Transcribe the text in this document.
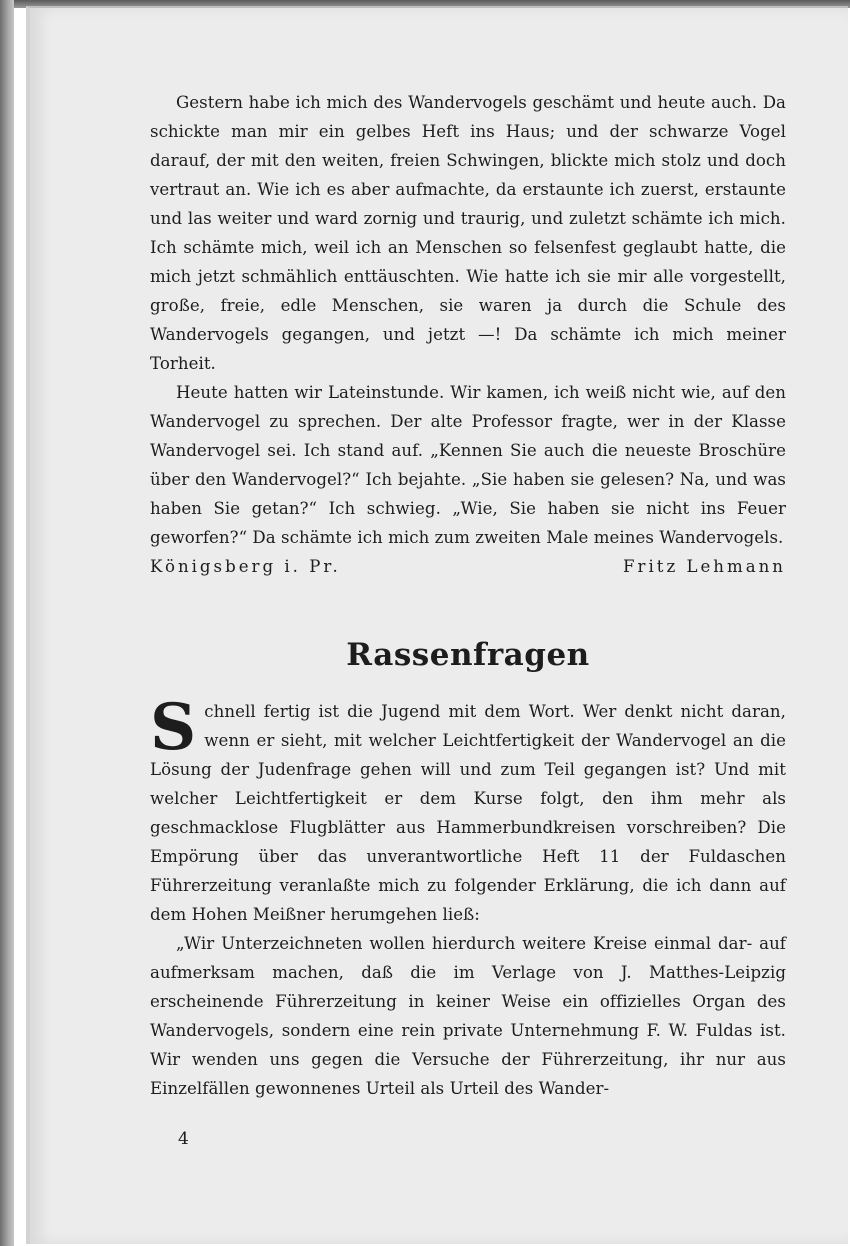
Gestern habe ich mich des Wandervogels geschämt und heute auch. Da schickte man mir ein gelbes Heft ins Haus; und der schwarze Vogel darauf, der mit den weiten, freien Schwingen, blickte mich stolz und doch vertraut an. Wie ich es aber aufmachte, da erstaunte ich zuerst, erstaunte und las weiter und ward zornig und traurig, und zuletzt schämte ich mich. Ich schämte mich, weil ich an Menschen so felsenfest geglaubt hatte, die mich jetzt schmählich enttäuschten. Wie hatte ich sie mir alle vorgestellt, große, freie, edle Menschen, sie waren ja durch die Schule des Wandervogels gegangen, und jetzt —! Da schämte ich mich meiner Torheit.

Heute hatten wir Lateinstunde. Wir kamen, ich weiß nicht wie, auf den Wandervogel zu sprechen. Der alte Professor fragte, wer in der Klasse Wandervogel sei. Ich stand auf. „Kennen Sie auch die neueste Broschüre über den Wandervogel?“ Ich bejahte. „Sie haben sie gelesen? Na, und was haben Sie getan?“ Ich schwieg. „Wie, Sie haben sie nicht ins Feuer geworfen?“ Da schämte ich mich zum zweiten Male meines Wandervogels.

Königsberg i. Pr.	Fritz Lehmann
Rassenfragen

Schnell fertig ist die Jugend mit dem Wort. Wer denkt nicht daran, wenn er sieht, mit welcher Leichtfertigkeit der Wandervogel an die Lösung der Judenfrage gehen will und zum Teil gegangen ist? Und mit welcher Leichtfertigkeit er dem Kurse folgt, den ihm mehr als geschmacklose Flugblätter aus Hammerbundkreisen vorschreiben? Die Empörung über das unverantwortliche Heft 11 der Fuldaschen Führerzeitung veranlaßte mich zu folgender Erklärung, die ich dann auf dem Hohen Meißner herumgehen ließ:

„Wir Unterzeichneten wollen hierdurch weitere Kreise einmal dar- auf aufmerksam machen, daß die im Verlage von J. Matthes-Leipzig erscheinende Führerzeitung in keiner Weise ein offizielles Organ des Wandervogels, sondern eine rein private Unternehmung F. W. Fuldas ist. Wir wenden uns gegen die Versuche der Führerzeitung, ihr nur aus Einzelfällen gewonnenes Urteil als Urteil des Wander-

4
